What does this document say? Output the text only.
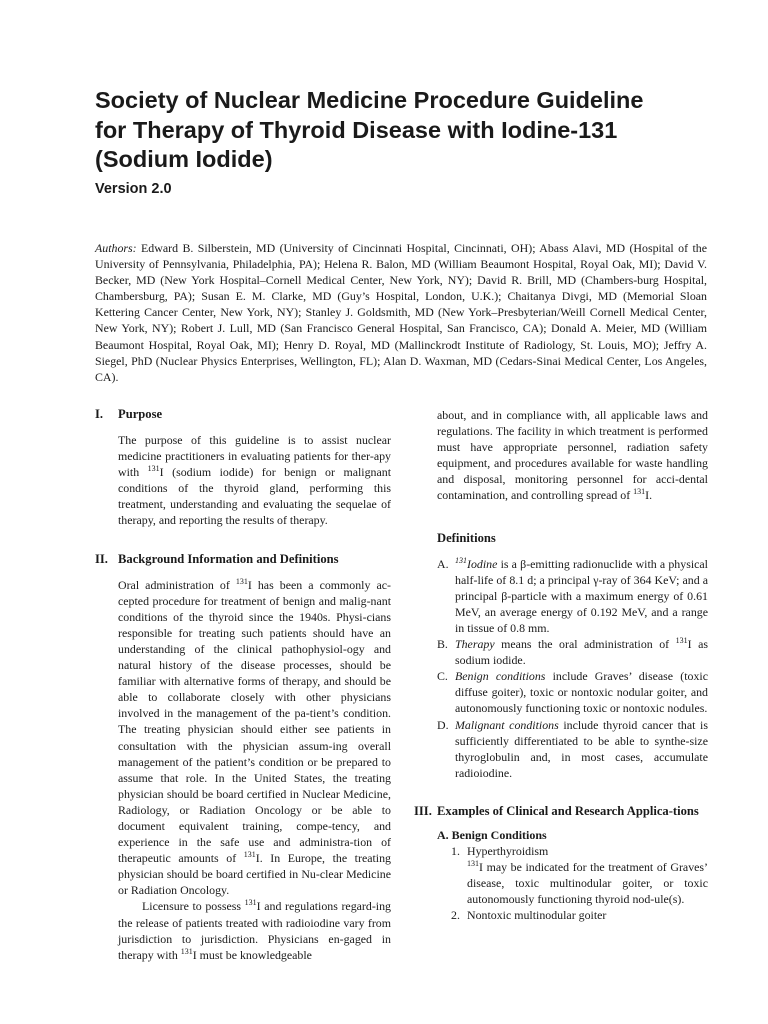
Society of Nuclear Medicine Procedure Guideline
for Therapy of Thyroid Disease with Iodine-131
(Sodium Iodide)
Version 2.0

Authors: Edward B. Silberstein, MD (University of Cincinnati Hospital, Cincinnati, OH); Abass Alavi, MD (Hospital of the University of Pennsylvania, Philadelphia, PA); Helena R. Balon, MD (William Beaumont Hospital, Royal Oak, MI); David V. Becker, MD (New York Hospital–Cornell Medical Center, New York, NY); David R. Brill, MD (Chambers-burg Hospital, Chambersburg, PA); Susan E. M. Clarke, MD (Guy’s Hospital, London, U.K.); Chaitanya Divgi, MD (Memorial Sloan Kettering Cancer Center, New York, NY); Stanley J. Goldsmith, MD (New York–Presbyterian/Weill Cornell Medical Center, New York, NY); Robert J. Lull, MD (San Francisco General Hospital, San Francisco, CA); Donald A. Meier, MD (William Beaumont Hospital, Royal Oak, MI); Henry D. Royal, MD (Mallinckrodt Institute of Radiology, St. Louis, MO); Jeffry A. Siegel, PhD (Nuclear Physics Enterprises, Wellington, FL); Alan D. Waxman, MD (Cedars-Sinai Medical Center, Los Angeles, CA).

I.	Purpose

The purpose of this guideline is to assist nuclear medicine practitioners in evaluating patients for ther-apy with $^{131}$I (sodium iodide) for benign or malignant conditions of the thyroid gland, performing this treatment, understanding and evaluating the sequelae of therapy, and reporting the results of therapy.

II. Background Information and Definitions

Oral administration of $^{131}$I has been a commonly ac-cepted procedure for treatment of benign and malig-nant conditions of the thyroid since the 1940s. Physi-cians responsible for treating such patients should have an understanding of the clinical pathophysiol-ogy and natural history of the disease processes, should be familiar with alternative forms of therapy, and should be able to collaborate closely with other physicians involved in the management of the pa-tient’s condition. The treating physician should either see patients in consultation with the physician assum-ing overall management of the patient’s condition or be prepared to assume that role. In the United States, the treating physician should be board certified in Nuclear Medicine, Radiology, or Radiation Oncology or be able to document equivalent training, compe-tency, and experience in the safe use and administra-tion of therapeutic amounts of $^{131}$I. In Europe, the treating physician should be board certified in Nu-clear Medicine or Radiation Oncology.

Licensure to possess $^{131}$I and regulations regard-ing the release of patients treated with radioiodine vary from jurisdiction to jurisdiction. Physicians en-gaged in therapy with $^{131}$I must be knowledgeable

about, and in compliance with, all applicable laws and regulations. The facility in which treatment is performed must have appropriate personnel, radiation safety equipment, and procedures available for waste handling and disposal, monitoring personnel for acci-dental contamination, and controlling spread of $^{131}$I.

Definitions
A. $^{131}$Iodine is a β-emitting radionuclide with a physical half-life of 8.1 d; a principal γ-ray of 364 KeV; and a principal β-particle with a maximum energy of 0.61 MeV, an average energy of 0.192 MeV, and a range in tissue of 0.8 mm.
B. Therapy means the oral administration of $^{131}$I as sodium iodide.
C. Benign conditions include Graves’ disease (toxic diffuse goiter), toxic or nontoxic nodular goiter, and autonomously functioning toxic or nontoxic nodules.
D. Malignant conditions include thyroid cancer that is sufficiently differentiated to be able to synthe-size thyroglobulin and, in most cases, accumulate radioiodine.
III. Examples of Clinical and Research Applica-tions

A. Benign Conditions

1. Hyperthyroidism
$^{131}$I may be indicated for the treatment of Graves’ disease, toxic multinodular goiter, or toxic autonomously functioning thyroid nod-ule(s).
2. Nontoxic multinodular goiter
